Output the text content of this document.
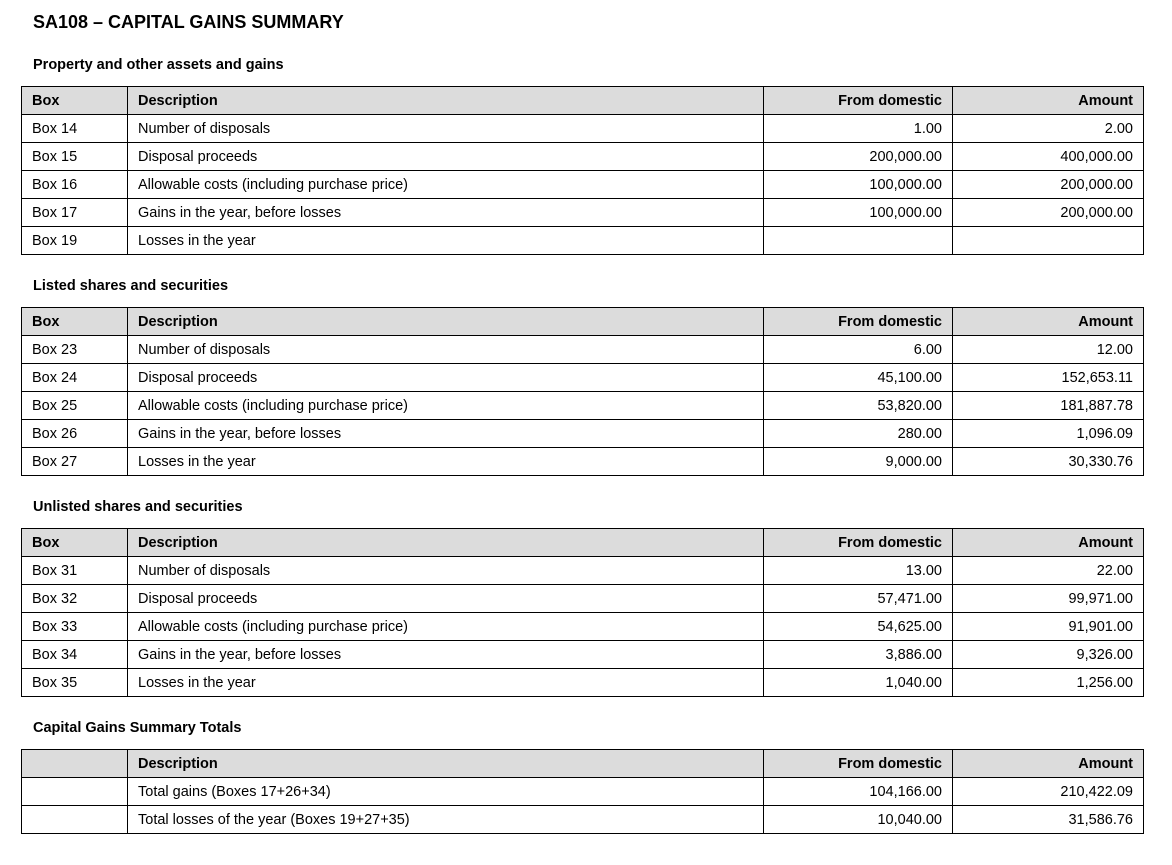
SA108 – CAPITAL GAINS SUMMARY
Property and other assets and gains
Box	Description	From domestic	Amount
Box 14	Number of disposals	1.00	2.00
Box 15	Disposal proceeds	200,000.00	400,000.00
Box 16	Allowable costs (including purchase price)	100,000.00	200,000.00
Box 17	Gains in the year, before losses	100,000.00	200,000.00
Box 19	Losses in the year		
Listed shares and securities
Box	Description	From domestic	Amount
Box 23	Number of disposals	6.00	12.00
Box 24	Disposal proceeds	45,100.00	152,653.11
Box 25	Allowable costs (including purchase price)	53,820.00	181,887.78
Box 26	Gains in the year, before losses	280.00	1,096.09
Box 27	Losses in the year	9,000.00	30,330.76
Unlisted shares and securities
Box	Description	From domestic	Amount
Box 31	Number of disposals	13.00	22.00
Box 32	Disposal proceeds	57,471.00	99,971.00
Box 33	Allowable costs (including purchase price)	54,625.00	91,901.00
Box 34	Gains in the year, before losses	3,886.00	9,326.00
Box 35	Losses in the year	1,040.00	1,256.00
Capital Gains Summary Totals
	Description	From domestic	Amount
	Total gains (Boxes 17+26+34)	104,166.00	210,422.09
	Total losses of the year (Boxes 19+27+35)	10,040.00	31,586.76
